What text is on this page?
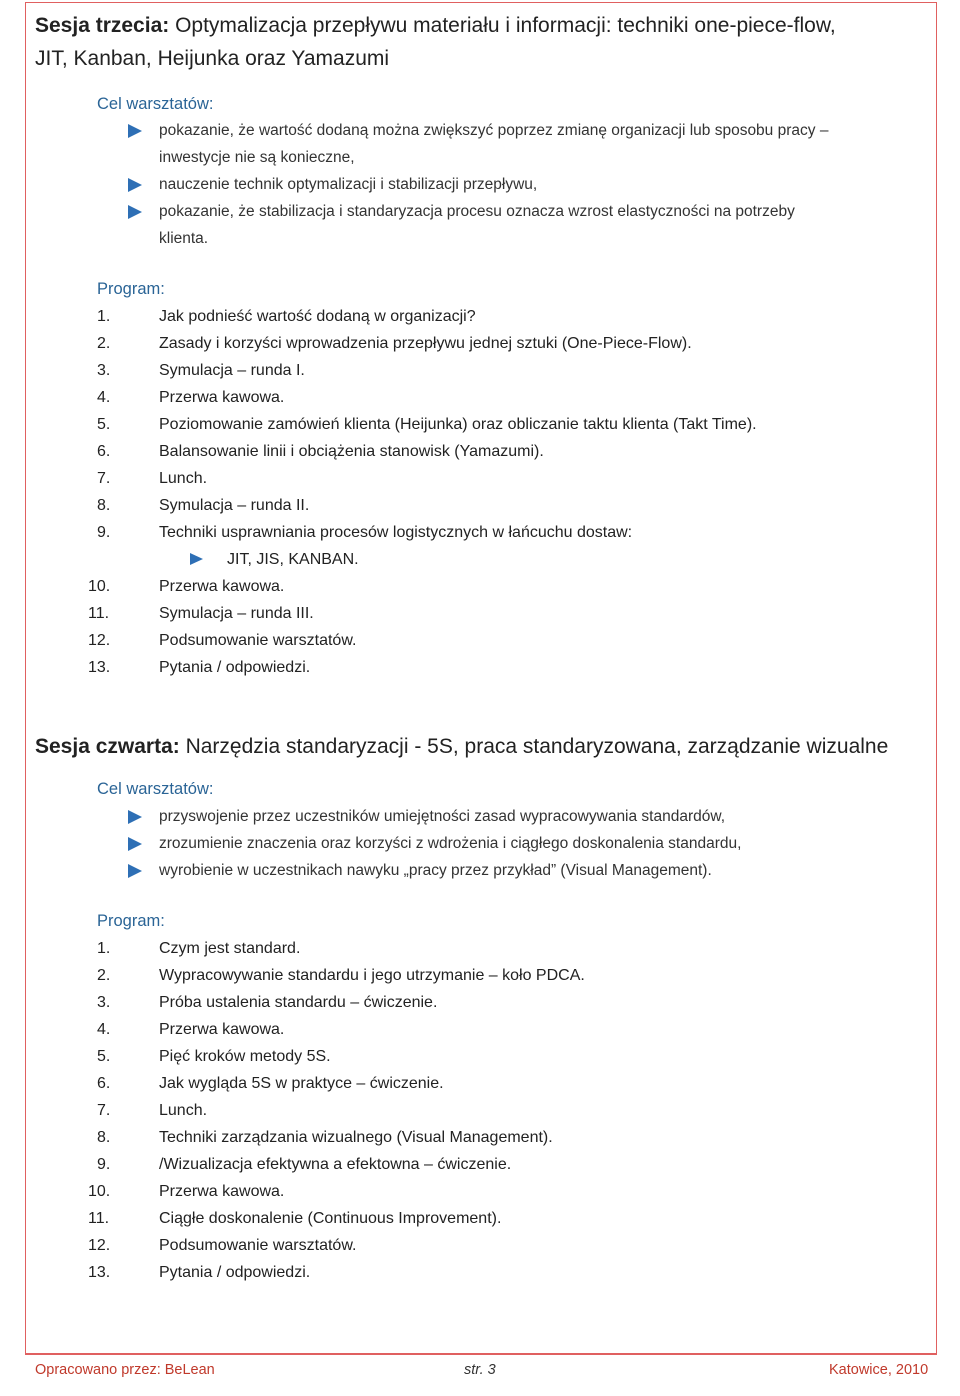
Sesja trzecia: Optymalizacja przepływu materiału i informacji: techniki one-piece-flow,
JIT, Kanban, Heijunka oraz Yamazumi
Cel warsztatów:
pokazanie, że wartość dodaną można zwiększyć poprzez zmianę organizacji lub sposobu pracy –
inwestycje nie są konieczne,
nauczenie technik optymalizacji i stabilizacji przepływu,
pokazanie, że stabilizacja i standaryzacja procesu oznacza wzrost elastyczności na potrzeby
klienta.
Program:
1.	Jak podnieść wartość dodaną w organizacji?
2.	Zasady i korzyści wprowadzenia przepływu jednej sztuki (One-Piece-Flow).
3.	Symulacja – runda I.
4.	Przerwa kawowa.
5.	Poziomowanie zamówień klienta (Heijunka) oraz obliczanie taktu klienta (Takt Time).
6.	Balansowanie linii i obciążenia stanowisk (Yamazumi).
7.	Lunch.
8.	Symulacja – runda II.
9.	Techniki usprawniania procesów logistycznych w łańcuchu dostaw:
JIT, JIS, KANBAN.
10.	Przerwa kawowa.
11.	Symulacja – runda III.
12.	Podsumowanie warsztatów.
13.	Pytania / odpowiedzi.
Sesja czwarta: Narzędzia standaryzacji - 5S, praca standaryzowana, zarządzanie wizualne
Cel warsztatów:
przyswojenie przez uczestników umiejętności zasad wypracowywania standardów,
zrozumienie znaczenia oraz korzyści z wdrożenia i ciągłego doskonalenia standardu,
wyrobienie w uczestnikach nawyku „pracy przez przykład” (Visual Management).
Program:
1.	Czym jest standard.
2.	Wypracowywanie standardu i jego utrzymanie – koło PDCA.
3.	Próba ustalenia standardu – ćwiczenie.
4.	Przerwa kawowa.
5.	Pięć kroków metody 5S.
6.	Jak wygląda 5S w praktyce – ćwiczenie.
7.	Lunch.
8.	Techniki zarządzania wizualnego (Visual Management).
9.	/Wizualizacja efektywna a efektowna – ćwiczenie.
10.	Przerwa kawowa.
11.	Ciągłe doskonalenie (Continuous Improvement).
12.	Podsumowanie warsztatów.
13.	Pytania / odpowiedzi.
Opracowano przez: BeLean	str. 3	Katowice, 2010
